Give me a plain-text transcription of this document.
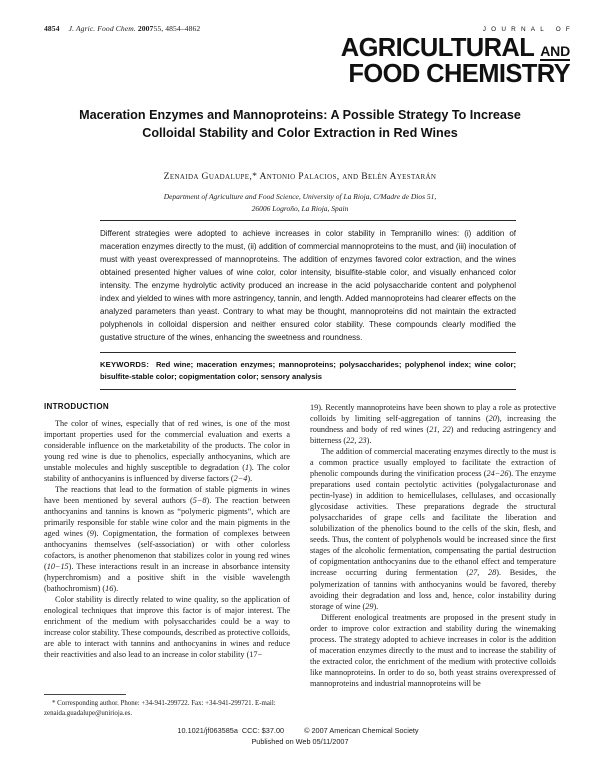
4854 J. Agric. Food Chem. 200755, 4854–4862	JOURNAL OF
AGRICULTURAL AND
FOOD CHEMISTRY
Maceration Enzymes and Mannoproteins: A Possible Strategy To Increase Colloidal Stability and Color Extraction in Red Wines
Zenaida Guadalupe,* Antonio Palacios, and Belén Ayestarán
Department of Agriculture and Food Science, University of La Rioja, C/Madre de Dios 51,
26006 Logroño, La Rioja, Spain
Different strategies were adopted to achieve increases in color stability in Tempranillo wines: (i) addition of maceration enzymes directly to the must, (ii) addition of commercial mannoproteins to the must, and (iii) inoculation of must with yeast overexpressed of mannoproteins. The addition of enzymes favored color extraction, and the wines obtained presented higher values of wine color, color intensity, bisulfite-stable color, and visually enhanced color intensity. The enzyme hydrolytic activity produced an increase in the acid polysaccharide content and polyphenol index and yielded to wines with more astringency, tannin, and length. Added mannoproteins had clearer effects on the analyzed parameters than yeast. Contrary to what may be thought, mannoproteins did not maintain the extracted polyphenols in colloidal dispersion and neither ensured color stability. These compounds clearly modified the gustative structure of the wines, enhancing the sweetness and roundness.
KEYWORDS: Red wine; maceration enzymes; mannoproteins; polysaccharides; polyphenol index; wine color; bisulfite-stable color; copigmentation color; sensory analysis
INTRODUCTION

The color of wines, especially that of red wines, is one of the most important properties used for the commercial evaluation and exerts a considerable influence on the marketability of the products. The color in young red wine is due to phenolics, especially anthocyanins, which are unstable molecules and highly susceptible to degradation (1). The color stability of anthocyanins is influenced by diverse factors (2−4).

The reactions that lead to the formation of stable pigments in wines have been mentioned by several authors (5−8). The reaction between anthocyanins and tannins is known as “polymeric pigments”, which are primarily responsible for stable wine color and the main pigments in the aged wines (9). Copigmentation, the formation of complexes between anthocyanins themselves (self-association) or with other colorless cofactors, is another phenomenon that stabilizes color in young red wines (10−15). These interactions result in an increase in absorbance intensity (hyperchromism) and a positive shift in the visible wavelength (bathochromism) (16).

Color stability is directly related to wine quality, so the application of enological techniques that improve this factor is of major interest. The enrichment of the medium with polysaccharides could be a way to increase color stability. These compounds, described as protective colloids, are able to interact with tannins and anthocyanins in wines and reduce their reactivities and also lead to an increase in color stability (17−

19). Recently mannoproteins have been shown to play a role as protective colloids by limiting self-aggregation of tannins (20), increasing the roundness and body of red wines (21, 22) and reducing astringency and bitterness (22, 23).

The addition of commercial macerating enzymes directly to the must is a common practice usually employed to facilitate the extraction of phenolic compounds during the vinification process (24−26). The enzyme preparations used contain pectolytic activities (polygalacturonase and pectin-lyase) in addition to hemicellulases, cellulases, and occasionally glycosidase activities. These preparations degrade the structural polysaccharides of grape cells and facilitate the liberation and solubilization of the phenolics bound to the cells of the skin, flesh, and seeds. Thus, the content of polyphenols would be increased since the first stages of the alcoholic fermentation, compensating the partial destruction of copigmentation anthocyanins due to the ethanol effect and temperature increase occurring during fermentation (27, 28). Besides, the polymerization of tannins with anthocyanins would be favored, thereby avoiding their degradation and loss and, hence, color instability during storage of wine (29).

Different enological treatments are proposed in the present study in order to improve color extraction and stability during the winemaking process. The strategy adopted to achieve increases in color is the addition of maceration enzymes directly to the must and to increase the stability of the extracted color, the enrichment of the medium with protective colloids like mannoproteins. In order to do so, both yeast strains overexpressed of mannoproteins and industrial mannoproteins will be

* Corresponding author. Phone: +34-941-299722. Fax: +34-941-299721. E-mail: zenaida.guadalupe@unirioja.es.
10.1021/jf063585a CCC: $37.00	© 2007 American Chemical Society
Published on Web 05/11/2007
